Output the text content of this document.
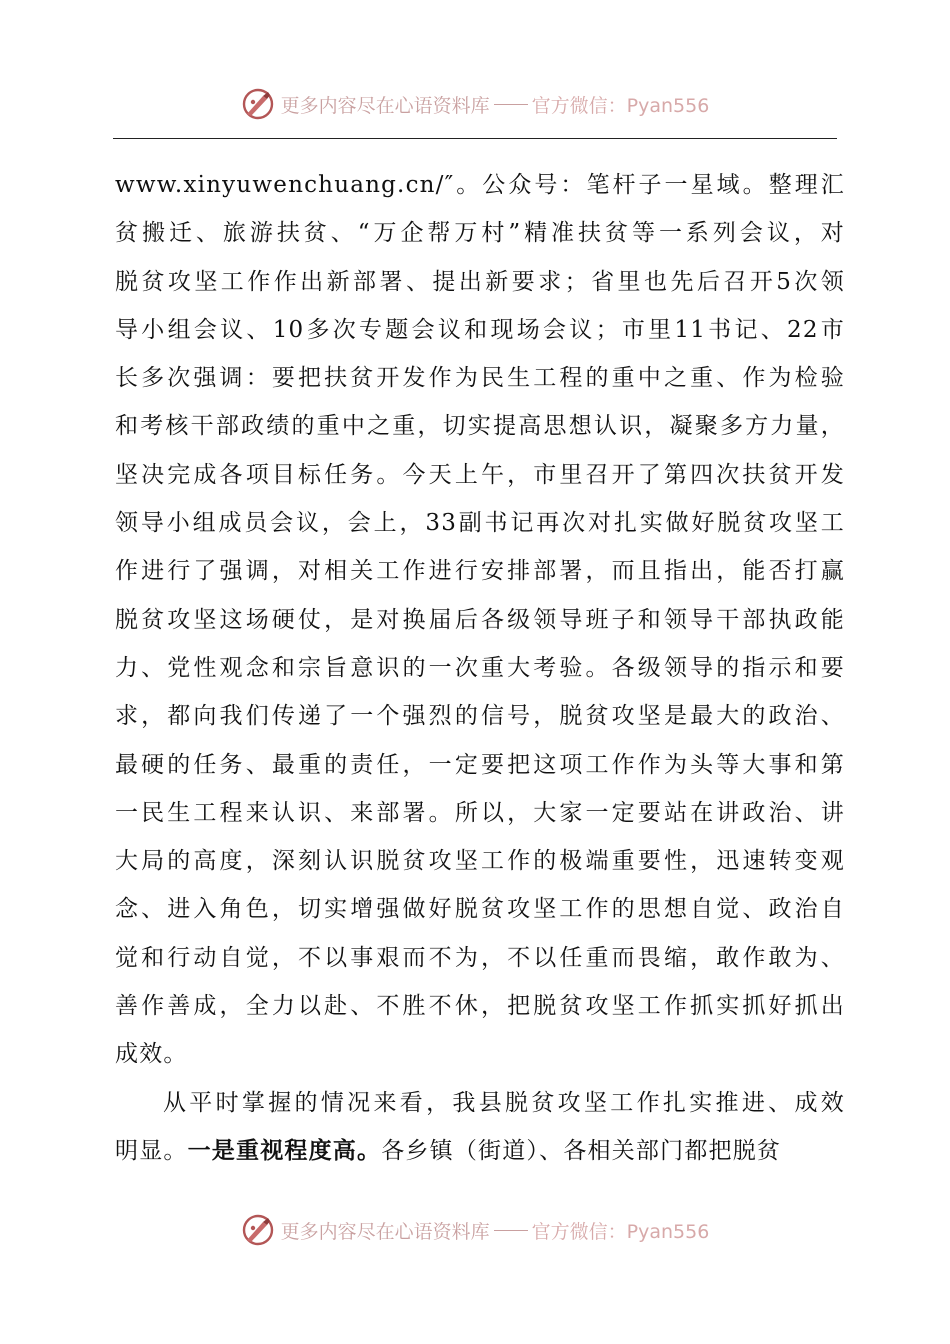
更多内容尽在心语资料库 官方微信：Pyan556
www.xinyuwenchuang.cn/″。公众号：笔杆子一星域。整理汇
贫搬迁、旅游扶贫、“万企帮万村”精准扶贫等一系列会议，对
脱贫攻坚工作作出新部署、提出新要求；省里也先后召开5次领
导小组会议、10多次专题会议和现场会议；市里11书记、22市
长多次强调：要把扶贫开发作为民生工程的重中之重、作为检验
和考核干部政绩的重中之重，切实提高思想认识，凝聚多方力量，
坚决完成各项目标任务。今天上午，市里召开了第四次扶贫开发
领导小组成员会议，会上，33副书记再次对扎实做好脱贫攻坚工
作进行了强调，对相关工作进行安排部署，而且指出，能否打赢
脱贫攻坚这场硬仗，是对换届后各级领导班子和领导干部执政能
力、党性观念和宗旨意识的一次重大考验。各级领导的指示和要
求，都向我们传递了一个强烈的信号，脱贫攻坚是最大的政治、
最硬的任务、最重的责任，一定要把这项工作作为头等大事和第
一民生工程来认识、来部署。所以，大家一定要站在讲政治、讲
大局的高度，深刻认识脱贫攻坚工作的极端重要性，迅速转变观
念、进入角色，切实增强做好脱贫攻坚工作的思想自觉、政治自
觉和行动自觉，不以事艰而不为，不以任重而畏缩，敢作敢为、
善作善成，全力以赴、不胜不休，把脱贫攻坚工作抓实抓好抓出
成效。
从平时掌握的情况来看，我县脱贫攻坚工作扎实推进、成效
明显。一是重视程度高。各乡镇（街道）、各相关部门都把脱贫
更多内容尽在心语资料库 官方微信：Pyan556
